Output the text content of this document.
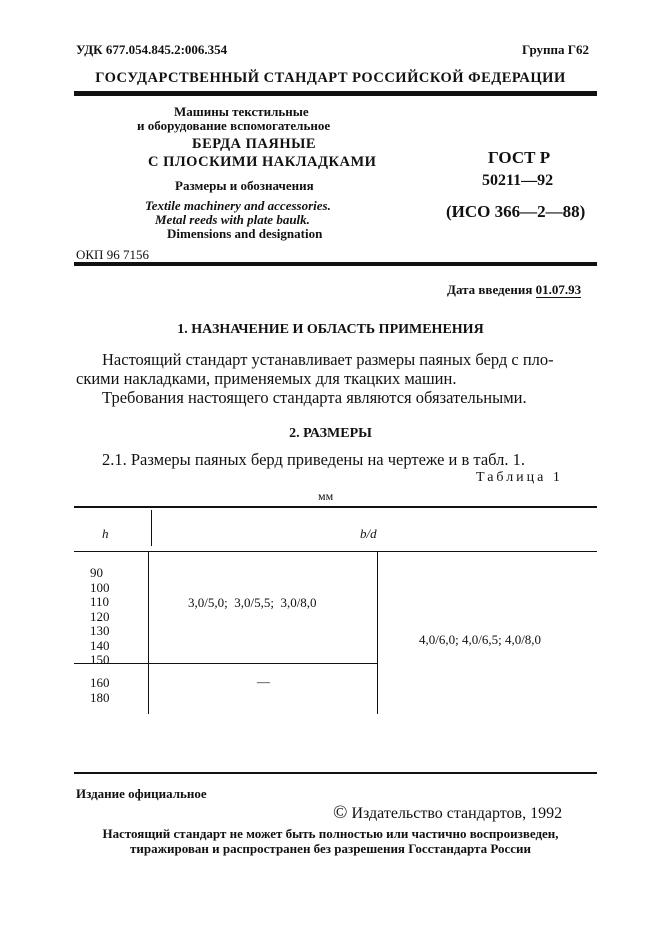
УДК 677.054.845.2:006.354	Группа Г62
ГОСУДАРСТВЕННЫЙ СТАНДАРТ РОССИЙСКОЙ ФЕДЕРАЦИИ
Машины текстильные
и оборудование вспомогательное
БЕРДА ПАЯНЫЕ
С ПЛОСКИМИ НАКЛАДКАМИ
Размеры и обозначения
Textile machinery and accessories.
Metal reeds with plate baulk.
Dimensions and designation
ГОСТ Р
50211—92
(ИСО 366—2—88)
ОКП 96 7156
Дата введения 01.07.93
1. НАЗНАЧЕНИЕ И ОБЛАСТЬ ПРИМЕНЕНИЯ
Настоящий стандарт устанавливает размеры паяных берд с пло-
скими накладками, применяемых для ткацких машин.
Требования настоящего стандарта являются обязательными.
2. РАЗМЕРЫ
2.1. Размеры паяных берд приведены на чертеже и в табл. 1.
Таблица 1
мм
h	b/d
90
100
110
120
130
140
150
3,0/5,0;  3,0/5,5;  3,0/8,0
160
180
—
4,0/6,0; 4,0/6,5; 4,0/8,0
Издание официальное
© Издательство стандартов, 1992
Настоящий стандарт не может быть полностью или частично воспроизведен,
тиражирован и распространен без разрешения Госстандарта России
